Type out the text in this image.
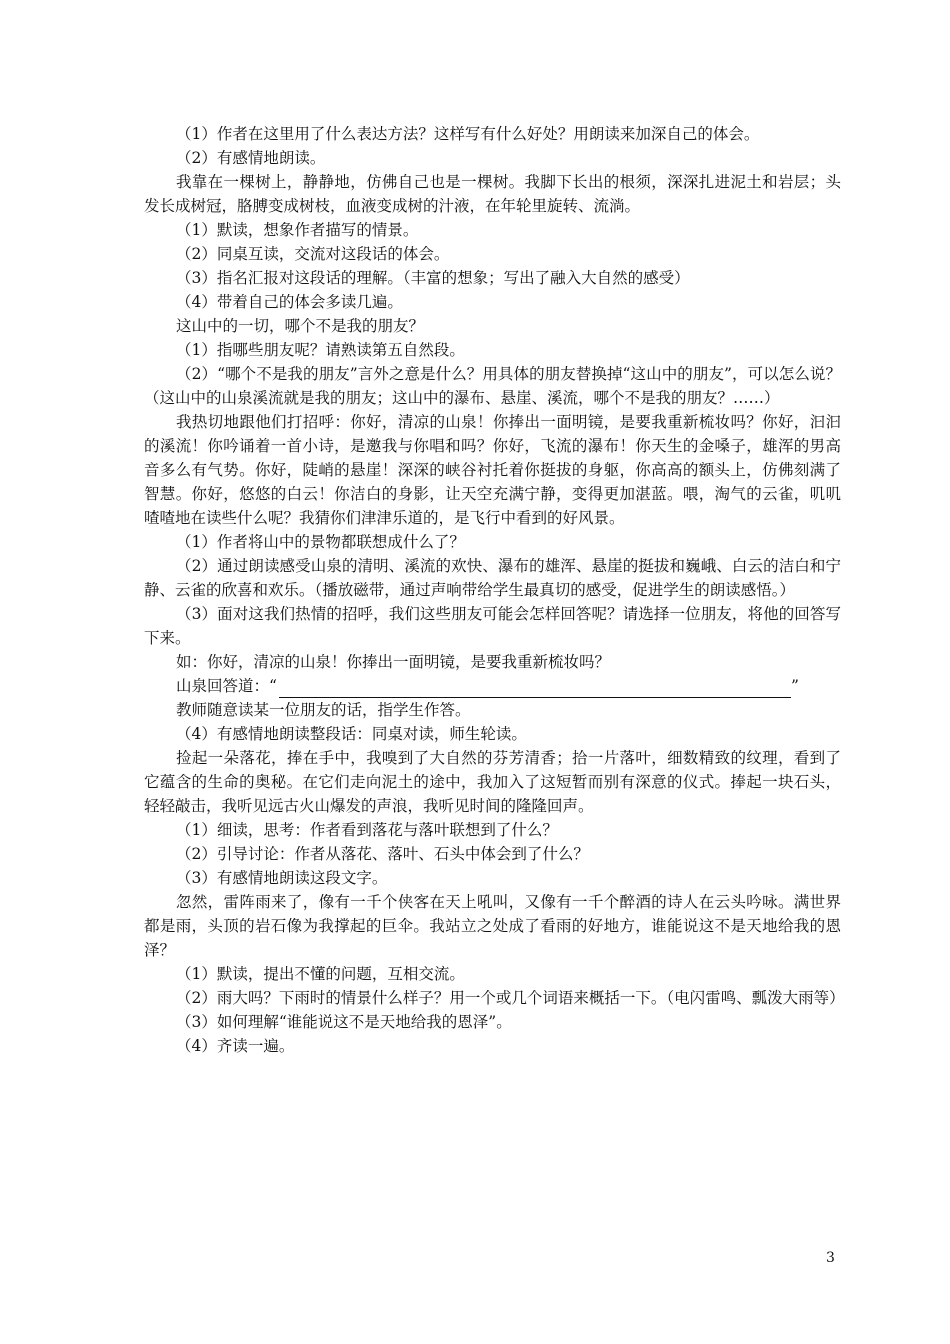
（1）作者在这里用了什么表达方法？这样写有什么好处？用朗读来加深自己的体会。

（2）有感情地朗读。

我靠在一棵树上，静静地，仿佛自己也是一棵树。我脚下长出的根须，深深扎进泥土和岩层；头发长成树冠，胳膊变成树枝，血液变成树的汁液，在年轮里旋转、流淌。

（1）默读，想象作者描写的情景。

（2）同桌互读，交流对这段话的体会。

（3）指名汇报对这段话的理解。（丰富的想象；写出了融入大自然的感受）

（4）带着自己的体会多读几遍。

这山中的一切，哪个不是我的朋友？

（1）指哪些朋友呢？请熟读第五自然段。

（2）“哪个不是我的朋友”言外之意是什么？用具体的朋友替换掉“这山中的朋友”，可以怎么说？（这山中的山泉溪流就是我的朋友；这山中的瀑布、悬崖、溪流，哪个不是我的朋友？……）

我热切地跟他们打招呼：你好，清凉的山泉！你捧出一面明镜，是要我重新梳妆吗？你好，汩汩的溪流！你吟诵着一首小诗，是邀我与你唱和吗？你好，飞流的瀑布！你天生的金嗓子，雄浑的男高音多么有气势。你好，陡峭的悬崖！深深的峡谷衬托着你挺拔的身躯，你高高的额头上，仿佛刻满了智慧。你好，悠悠的白云！你洁白的身影，让天空充满宁静，变得更加湛蓝。喂，淘气的云雀，叽叽喳喳地在读些什么呢？我猜你们津津乐道的，是飞行中看到的好风景。

（1）作者将山中的景物都联想成什么了？

（2）通过朗读感受山泉的清明、溪流的欢快、瀑布的雄浑、悬崖的挺拔和巍峨、白云的洁白和宁静、云雀的欣喜和欢乐。（播放磁带，通过声响带给学生最真切的感受，促进学生的朗读感悟。）

（3）面对这我们热情的招呼，我们这些朋友可能会怎样回答呢？请选择一位朋友，将他的回答写下来。

如：你好，清凉的山泉！你捧出一面明镜，是要我重新梳妆吗？

山泉回答道：“	”

教师随意读某一位朋友的话，指学生作答。

（4）有感情地朗读整段话：同桌对读，师生轮读。

捡起一朵落花，捧在手中，我嗅到了大自然的芬芳清香；拾一片落叶，细数精致的纹理，看到了它蕴含的生命的奥秘。在它们走向泥土的途中，我加入了这短暂而别有深意的仪式。捧起一块石头，轻轻敲击，我听见远古火山爆发的声浪，我听见时间的隆隆回声。

（1）细读，思考：作者看到落花与落叶联想到了什么？

（2）引导讨论：作者从落花、落叶、石头中体会到了什么？

（3）有感情地朗读这段文字。

忽然，雷阵雨来了，像有一千个侠客在天上吼叫，又像有一千个醉酒的诗人在云头吟咏。满世界都是雨，头顶的岩石像为我撑起的巨伞。我站立之处成了看雨的好地方，谁能说这不是天地给我的恩泽？

（1）默读，提出不懂的问题，互相交流。

（2）雨大吗？下雨时的情景什么样子？用一个或几个词语来概括一下。（电闪雷鸣、瓢泼大雨等）

（3）如何理解“谁能说这不是天地给我的恩泽”。

（4）齐读一遍。

3
